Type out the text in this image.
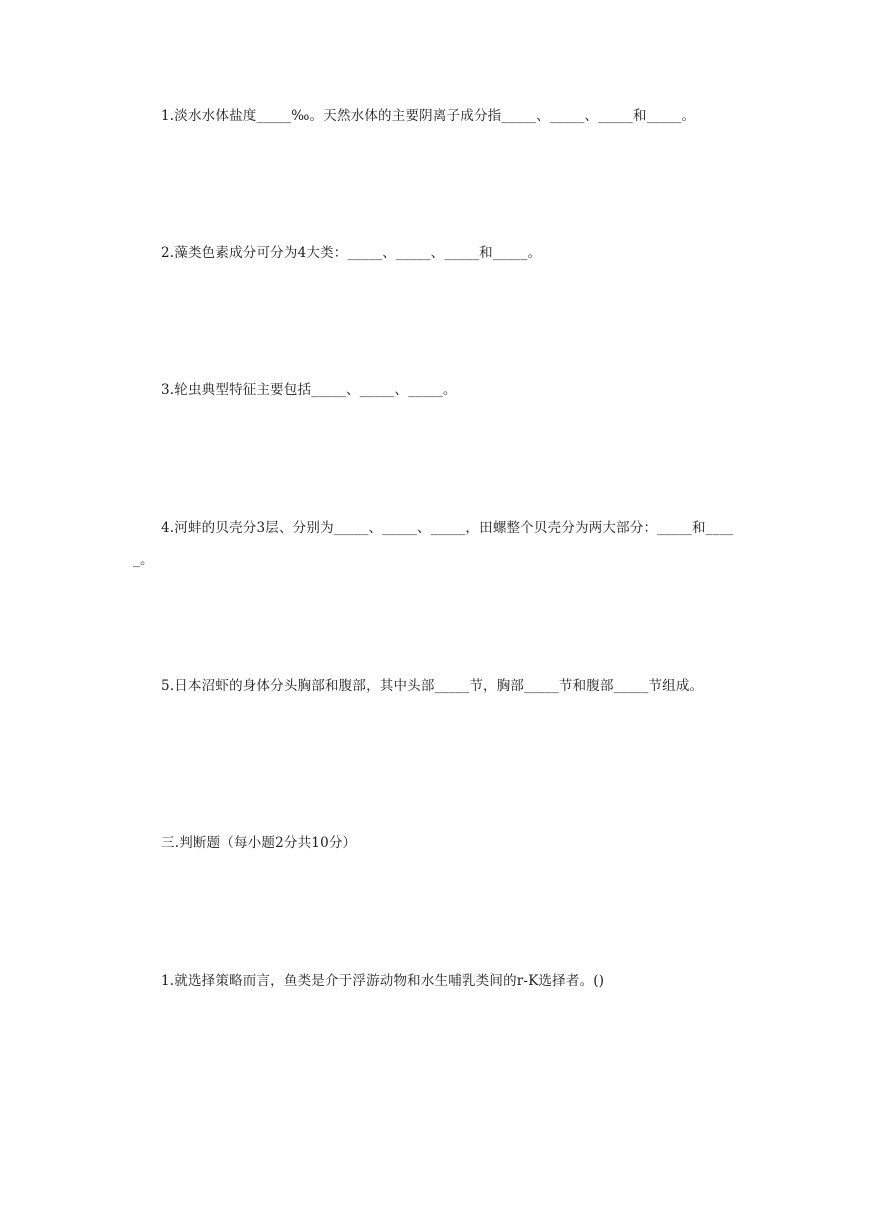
1.淡水水体盐度_____‰。天然水体的主要阴离子成分指_____、_____、_____和_____。

2.藻类色素成分可分为4大类：_____、_____、_____和_____。

3.轮虫典型特征主要包括_____、_____、_____。

4.河蚌的贝壳分3层、分别为_____、_____、_____，田螺整个贝壳分为两大部分：_____和_____。

5.日本沼虾的身体分头胸部和腹部，其中头部_____节，胸部_____节和腹部_____节组成。

三.判断题（每小题2分共10分）

1.就选择策略而言，鱼类是介于浮游动物和水生哺乳类间的r-K选择者。()
